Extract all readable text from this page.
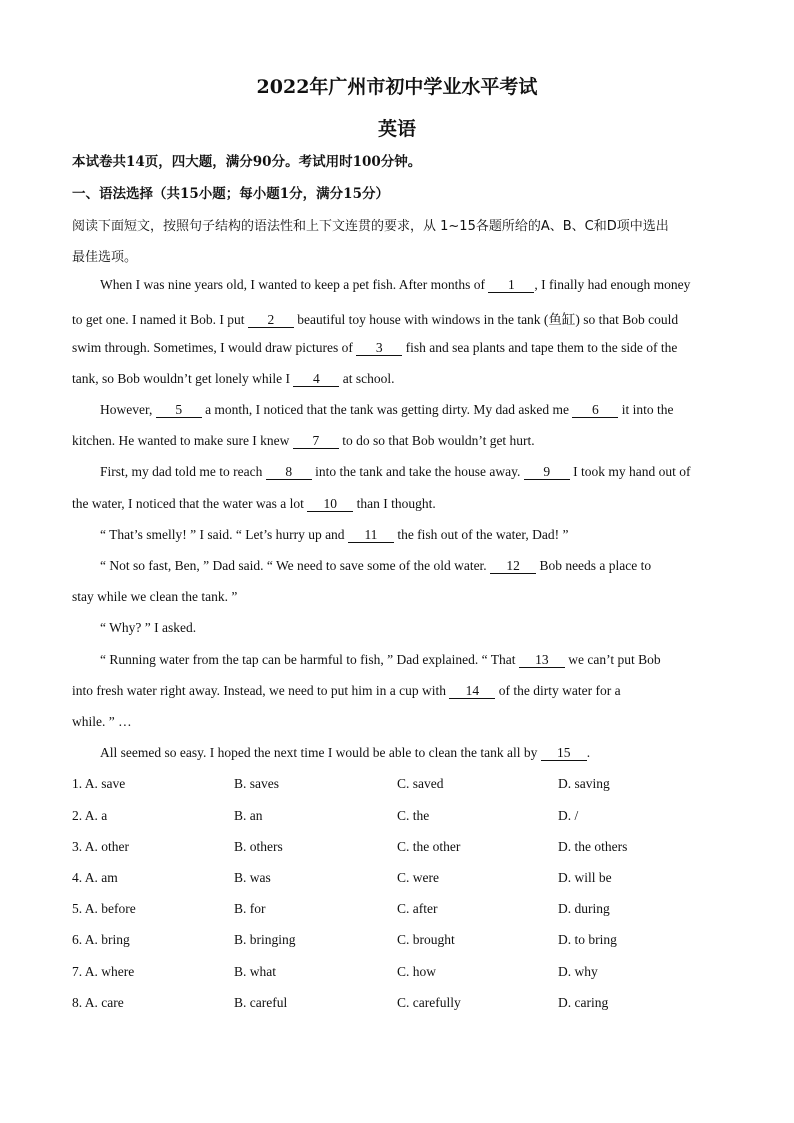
2022年广州市初中学业水平考试
英语
本试卷共14页，四大题，满分90分。考试用时100分钟。
一、语法选择（共15小题；每小题1分，满分15分）
阅读下面短文，按照句子结构的语法性和上下文连贯的要求，从 1~15各题所给的A、B、C和D项中选出
最佳选项。
When I was nine years old, I wanted to keep a pet fish. After months of 1 , I finally had enough money
to get one. I named it Bob. I put 2 beautiful toy house with windows in the tank (鱼缸) so that Bob could
swim through. Sometimes, I would draw pictures of 3 fish and sea plants and tape them to the side of the
tank, so Bob wouldn’t get lonely while I 4 at school.
However, 5 a month, I noticed that the tank was getting dirty. My dad asked me 6 it into the
kitchen. He wanted to make sure I knew 7 to do so that Bob wouldn’t get hurt.
First, my dad told me to reach 8 into the tank and take the house away. 9 I took my hand out of
the water, I noticed that the water was a lot 10 than I thought.
“ That’s smelly! ” I said. “ Let’s hurry up and 11 the fish out of the water, Dad! ”
“ Not so fast, Ben, ” Dad said. “ We need to save some of the old water. 12 Bob needs a place to
stay while we clean the tank. ”
“ Why? ” I asked.
“ Running water from the tap can be harmful to fish, ” Dad explained. “ That 13 we can’t put Bob
into fresh water right away. Instead, we need to put him in a cup with 14 of the dirty water for a
while. ” …
All seemed so easy. I hoped the next time I would be able to clean the tank all by 15 .
1. A. save	B. saves	C. saved	D. saving
2. A. a	B. an	C. the	D. /
3. A. other	B. others	C. the other	D. the others
4. A. am	B. was	C. were	D. will be
5. A. before	B. for	C. after	D. during
6. A. bring	B. bringing	C. brought	D. to bring
7. A. where	B. what	C. how	D. why
8. A. care	B. careful	C. carefully	D. caring
